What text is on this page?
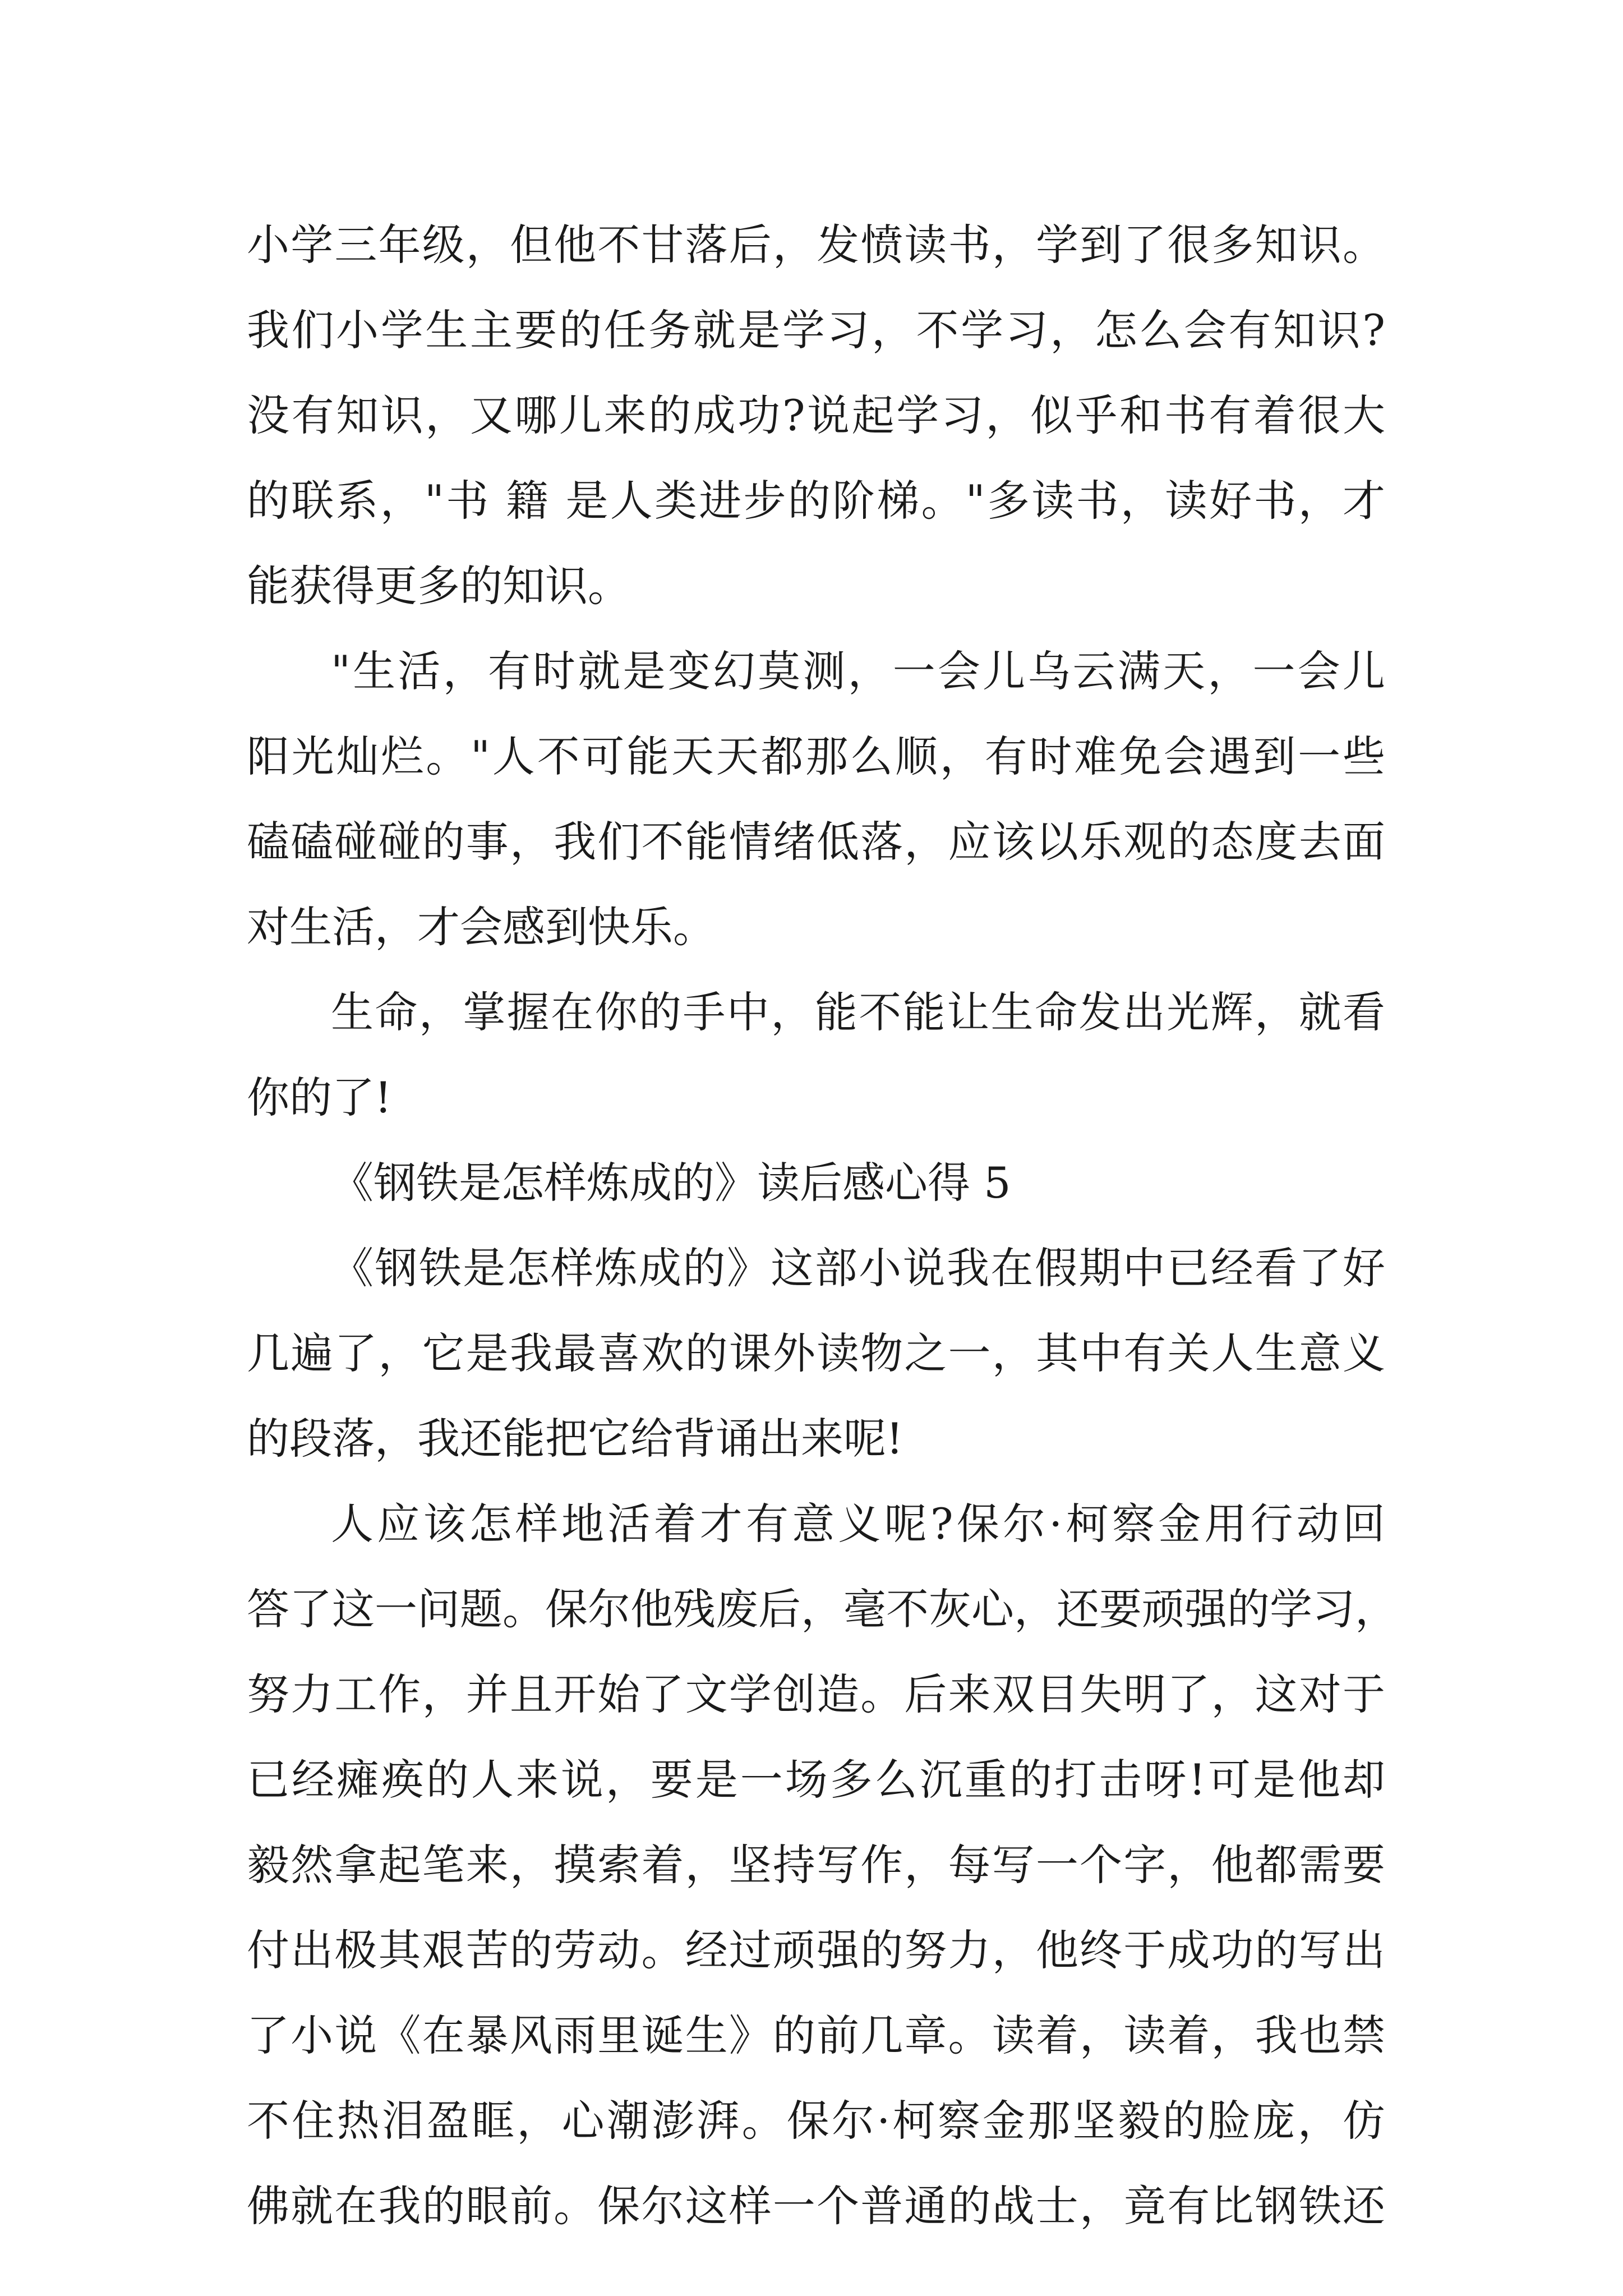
小学三年级，但他不甘落后，发愤读书，学到了很多知识。
我们小学生主要的任务就是学习，不学习，怎么会有知识?
没有知识，又哪儿来的成功?说起学习，似乎和书有着很大
的联系，"书 籍 是人类进步的阶梯。"多读书，读好书，才
能获得更多的知识。
"生活，有时就是变幻莫测，一会儿乌云满天，一会儿
阳光灿烂。"人不可能天天都那么顺，有时难免会遇到一些
磕磕碰碰的事，我们不能情绪低落，应该以乐观的态度去面
对生活，才会感到快乐。
生命，掌握在你的手中，能不能让生命发出光辉，就看
你的了!
《钢铁是怎样炼成的》读后感心得 5
《钢铁是怎样炼成的》这部小说我在假期中已经看了好
几遍了，它是我最喜欢的课外读物之一，其中有关人生意义
的段落，我还能把它给背诵出来呢!
人应该怎样地活着才有意义呢?保尔·柯察金用行动回
答了这一问题。保尔他残废后，毫不灰心，还要顽强的学习，
努力工作，并且开始了文学创造。后来双目失明了，这对于
已经瘫痪的人来说，要是一场多么沉重的打击呀!可是他却
毅然拿起笔来，摸索着，坚持写作，每写一个字，他都需要
付出极其艰苦的劳动。经过顽强的努力，他终于成功的写出
了小说《在暴风雨里诞生》的前几章。读着，读着，我也禁
不住热泪盈眶，心潮澎湃。保尔·柯察金那坚毅的脸庞，仿
佛就在我的眼前。保尔这样一个普通的战士，竟有比钢铁还
